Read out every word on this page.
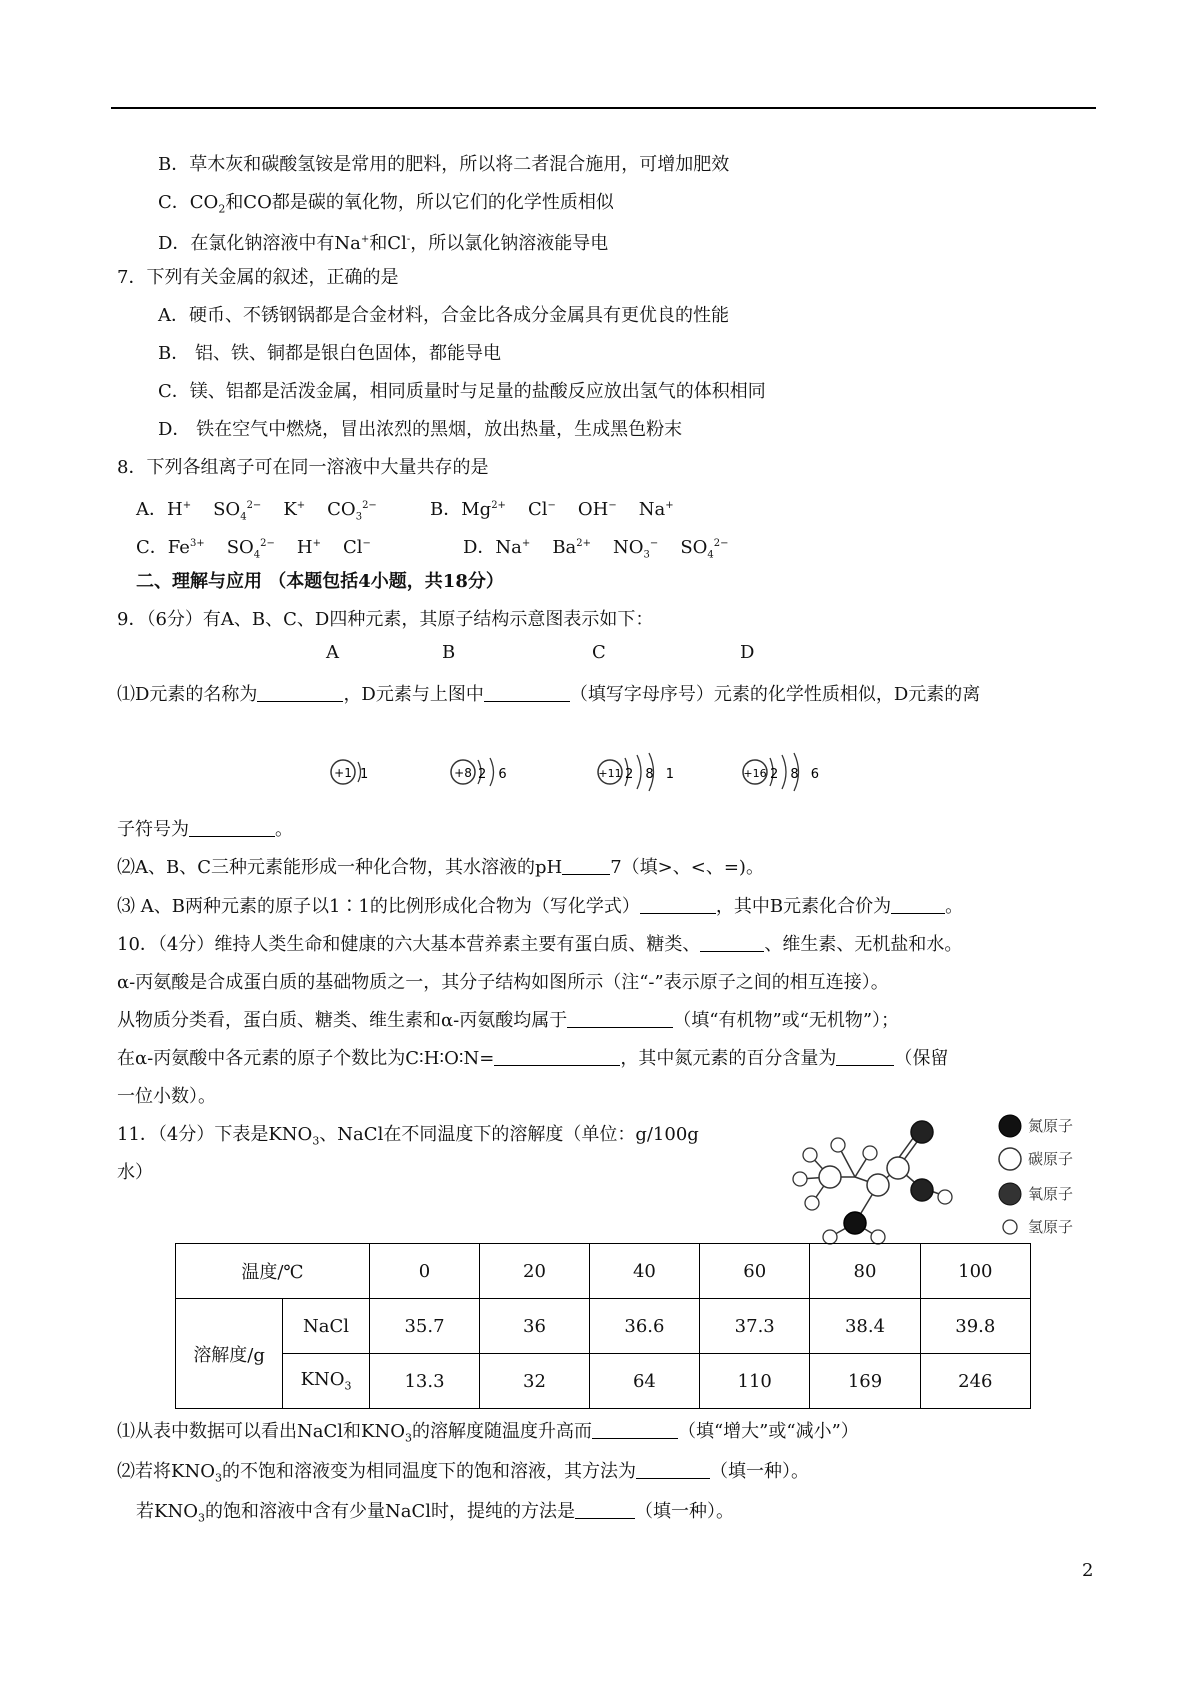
B．草木灰和碳酸氢铵是常用的肥料，所以将二者混合施用，可增加肥效
C．$CO_2$和CO都是碳的氧化物，所以它们的化学性质相似
D．在氯化钠溶液中有Na+和Cl-，所以氯化钠溶液能导电
7．下列有关金属的叙述，正确的是
A．硬币、不锈钢锅都是合金材料，合金比各成分金属具有更优良的性能
B． 铝、铁、铜都是银白色固体，都能导电
C．镁、铝都是活泼金属，相同质量时与足量的盐酸反应放出氢气的体积相同
D． 铁在空气中燃烧，冒出浓烈的黑烟，放出热量，生成黑色粉末
8．下列各组离子可在同一溶液中大量共存的是
A．H+ $SO_4^{2-}$ K+ $CO_3^{2-}$	B．$Mg^{2+}$ Cl− OH− Na+
C．$Fe^{3+}$ $SO_4^{2-}$ H+ Cl−	D．Na+ $Ba^{2+}$ $NO_3^-$ $SO_4^{2-}$
二、理解与应用 （本题包括4小题，共18分）
9．（6分）有A、B、C、D四种元素，其原子结构示意图表示如下：
A	B	C	D
⑴D元素的名称为	，D元素与上图中	（填写字母序号）元素的化学性质相似，D元素的离
+1 1	+8 2 6	+11 2 8 1	+16 2 8 6
子符号为	。
⑵A、B、C三种元素能形成一种化合物，其水溶液的pH	7（填>、<、=)。
⑶ A、B两种元素的原子以1∶1的比例形成化合物为（写化学式）	，其中B元素化合价为	。
10．（4分）维持人类生命和健康的六大基本营养素主要有蛋白质、糖类、	、维生素、无机盐和水。
α-丙氨酸是合成蛋白质的基础物质之一，其分子结构如图所示（注“-”表示原子之间的相互连接）。
从物质分类看，蛋白质、糖类、维生素和α-丙氨酸均属于	（填“有机物”或“无机物”）；
在α-丙氨酸中各元素的原子个数比为C∶H∶O∶N=	，其中氮元素的百分含量为	（保留
一位小数）。
11．（4分）下表是$KNO_3$、NaCl在不同温度下的溶解度（单位：g/100g
水）
氮原子
碳原子
氧原子
氢原子
温度/℃		0	20	40	60	80	100
溶解度/g	NaCl	35.7	36	36.6	37.3	38.4	39.8
	$KNO_3$	13.3	32	64	110	169	246
⑴从表中数据可以看出NaCl和$KNO_3$的溶解度随温度升高而	（填“增大”或“减小”）
⑵若将$KNO_3$的不饱和溶液变为相同温度下的饱和溶液，其方法为	（填一种）。
若$KNO_3$的饱和溶液中含有少量NaCl时，提纯的方法是	（填一种）。
2
